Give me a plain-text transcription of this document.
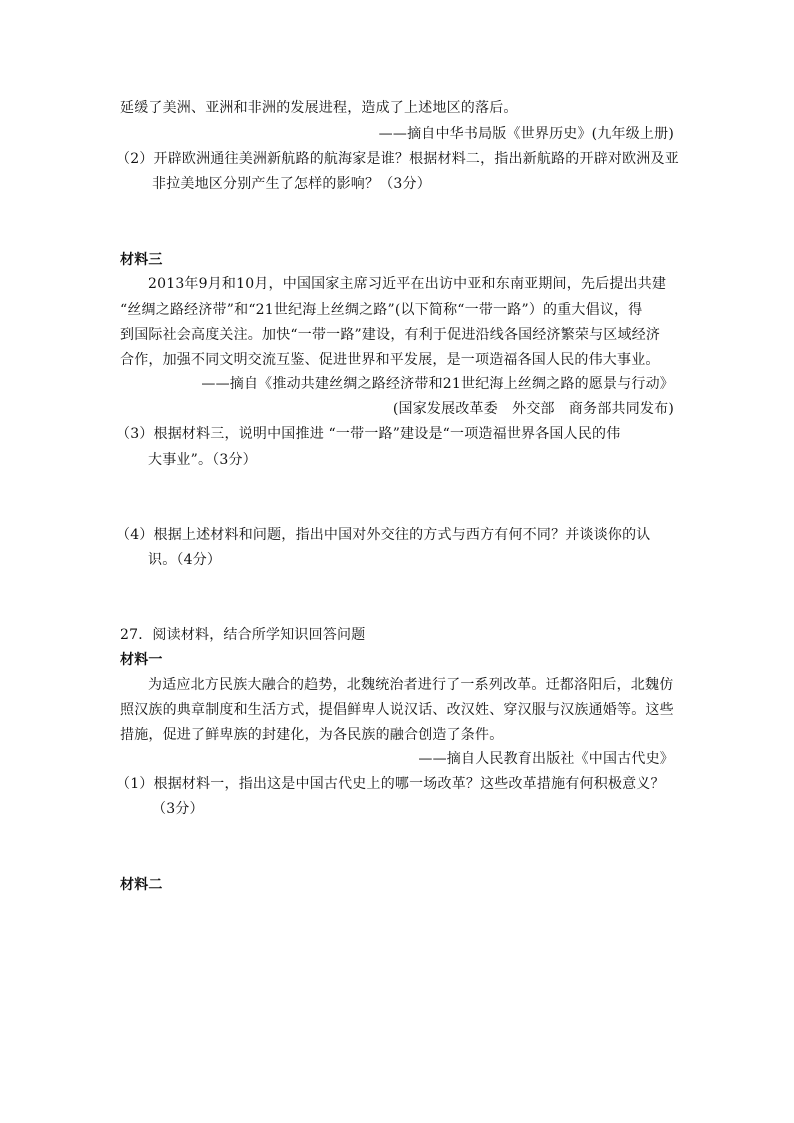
延缓了美洲、亚洲和非洲的发展进程，造成了上述地区的落后。
——摘自中华书局版《世界历史》(九年级上册)
（2）开辟欧洲通往美洲新航路的航海家是谁？根据材料二，指出新航路的开辟对欧洲及亚
非拉美地区分别产生了怎样的影响？（3分）
材料三
2013年9月和10月，中国国家主席习近平在出访中亚和东南亚期间，先后提出共建
“丝绸之路经济带”和“21世纪海上丝绸之路”(以下简称“一带一路”）的重大倡议，得
到国际社会高度关注。加快“一带一路”建设，有利于促进沿线各国经济繁荣与区域经济
合作，加强不同文明交流互鉴、促进世界和平发展，是一项造福各国人民的伟大事业。
——摘自《推动共建丝绸之路经济带和21世纪海上丝绸之路的愿景与行动》
(国家发展改革委　外交部　商务部共同发布)
（3）根据材料三，说明中国推进 “一带一路”建设是“一项造福世界各国人民的伟
大事业”。（3分）
（4）根据上述材料和问题，指出中国对外交往的方式与西方有何不同？并谈谈你的认
识。（4分）
27．阅读材料，结合所学知识回答问题
材料一
为适应北方民族大融合的趋势，北魏统治者进行了一系列改革。迁都洛阳后，北魏仿
照汉族的典章制度和生活方式，提倡鲜卑人说汉话、改汉姓、穿汉服与汉族通婚等。这些
措施，促进了鲜卑族的封建化，为各民族的融合创造了条件。
——摘自人民教育出版社《中国古代史》
（1）根据材料一，指出这是中国古代史上的哪一场改革？这些改革措施有何积极意义？
（3分）
材料二
